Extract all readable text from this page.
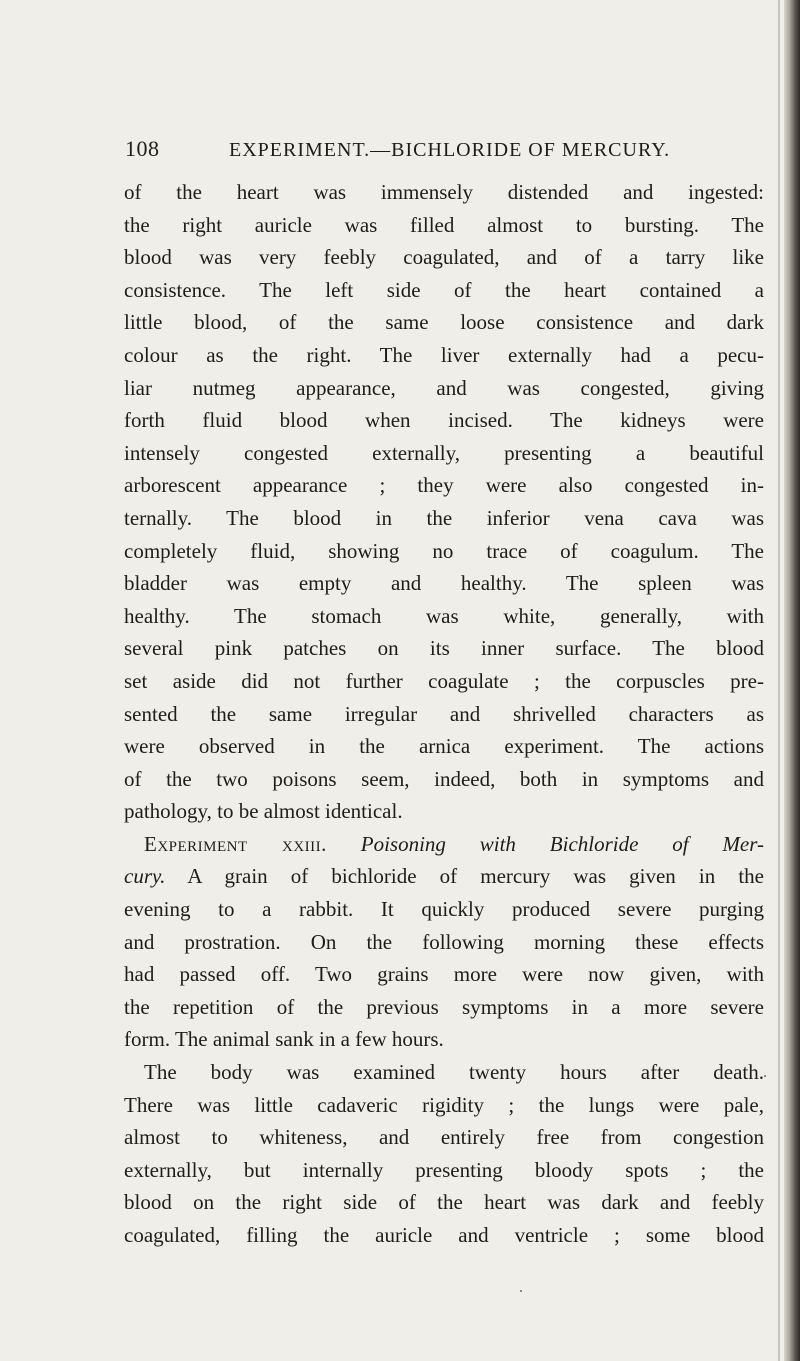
108	EXPERIMENT.—BICHLORIDE OF MERCURY.
of the heart was immensely distended and ingested:
the right auricle was filled almost to bursting. The
blood was very feebly coagulated, and of a tarry like
consistence. The left side of the heart contained a
little blood, of the same loose consistence and dark
colour as the right. The liver externally had a pecu-
liar nutmeg appearance, and was congested, giving
forth fluid blood when incised. The kidneys were
intensely congested externally, presenting a beautiful
arborescent appearance ; they were also congested in-
ternally. The blood in the inferior vena cava was
completely fluid, showing no trace of coagulum. The
bladder was empty and healthy. The spleen was
healthy. The stomach was white, generally, with
several pink patches on its inner surface. The blood
set aside did not further coagulate ; the corpuscles pre-
sented the same irregular and shrivelled characters as
were observed in the arnica experiment. The actions
of the two poisons seem, indeed, both in symptoms and
pathology, to be almost identical.
Experiment xxiii. Poisoning with Bichloride of Mer-
cury. A grain of bichloride of mercury was given in the
evening to a rabbit. It quickly produced severe purging
and prostration. On the following morning these effects
had passed off. Two grains more were now given, with
the repetition of the previous symptoms in a more severe
form. The animal sank in a few hours.
The body was examined twenty hours after death.
There was little cadaveric rigidity ; the lungs were pale,
almost to whiteness, and entirely free from congestion
externally, but internally presenting bloody spots ; the
blood on the right side of the heart was dark and feebly
coagulated, filling the auricle and ventricle ; some blood
